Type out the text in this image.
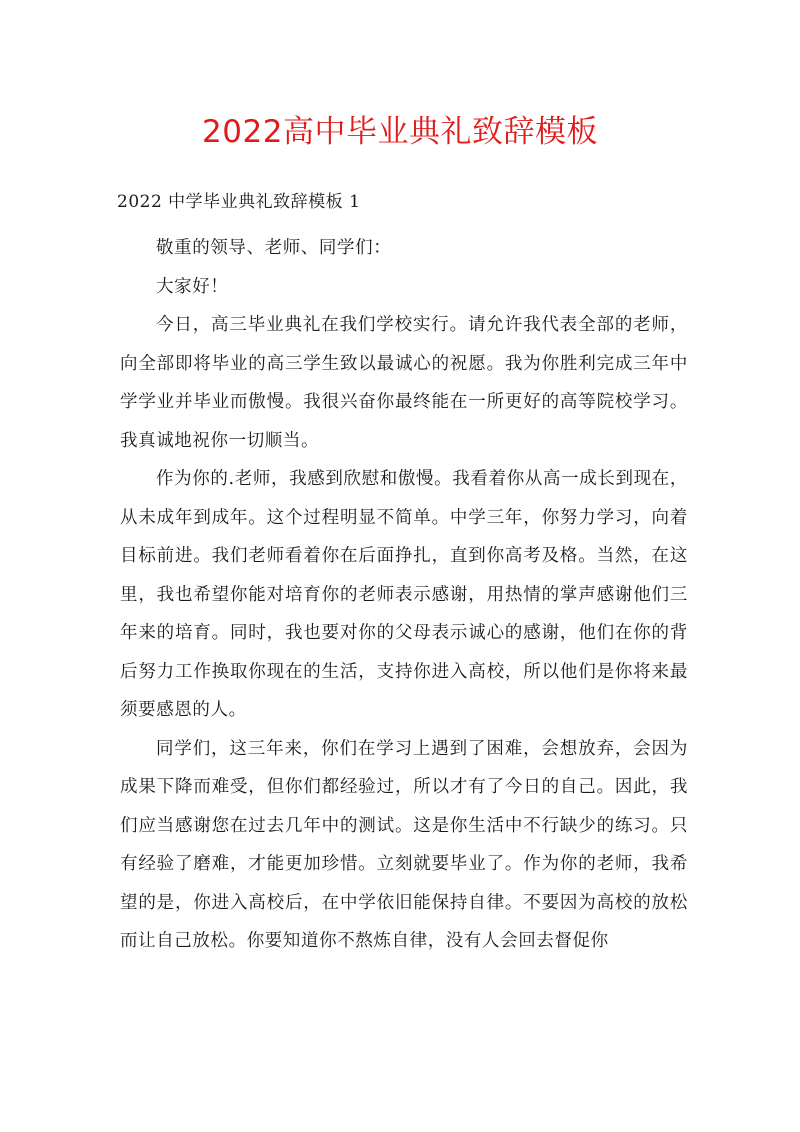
2022高中毕业典礼致辞模板
2022 中学毕业典礼致辞模板 1

敬重的领导、老师、同学们：

大家好！

今日，高三毕业典礼在我们学校实行。请允许我代表全部的老师，向全部即将毕业的高三学生致以最诚心的祝愿。我为你胜利完成三年中学学业并毕业而傲慢。我很兴奋你最终能在一所更好的高等院校学习。我真诚地祝你一切顺当。

作为你的.老师，我感到欣慰和傲慢。我看着你从高一成长到现在，从未成年到成年。这个过程明显不简单。中学三年，你努力学习，向着目标前进。我们老师看着你在后面挣扎，直到你高考及格。当然，在这里，我也希望你能对培育你的老师表示感谢，用热情的掌声感谢他们三年来的培育。同时，我也要对你的父母表示诚心的感谢，他们在你的背后努力工作换取你现在的生活，支持你进入高校，所以他们是你将来最须要感恩的人。

同学们，这三年来，你们在学习上遇到了困难，会想放弃，会因为成果下降而难受，但你们都经验过，所以才有了今日的自己。因此，我们应当感谢您在过去几年中的测试。这是你生活中不行缺少的练习。只有经验了磨难，才能更加珍惜。立刻就要毕业了。作为你的老师，我希望的是，你进入高校后，在中学依旧能保持自律。不要因为高校的放松而让自己放松。你要知道你不熬炼自律，没有人会回去督促你
